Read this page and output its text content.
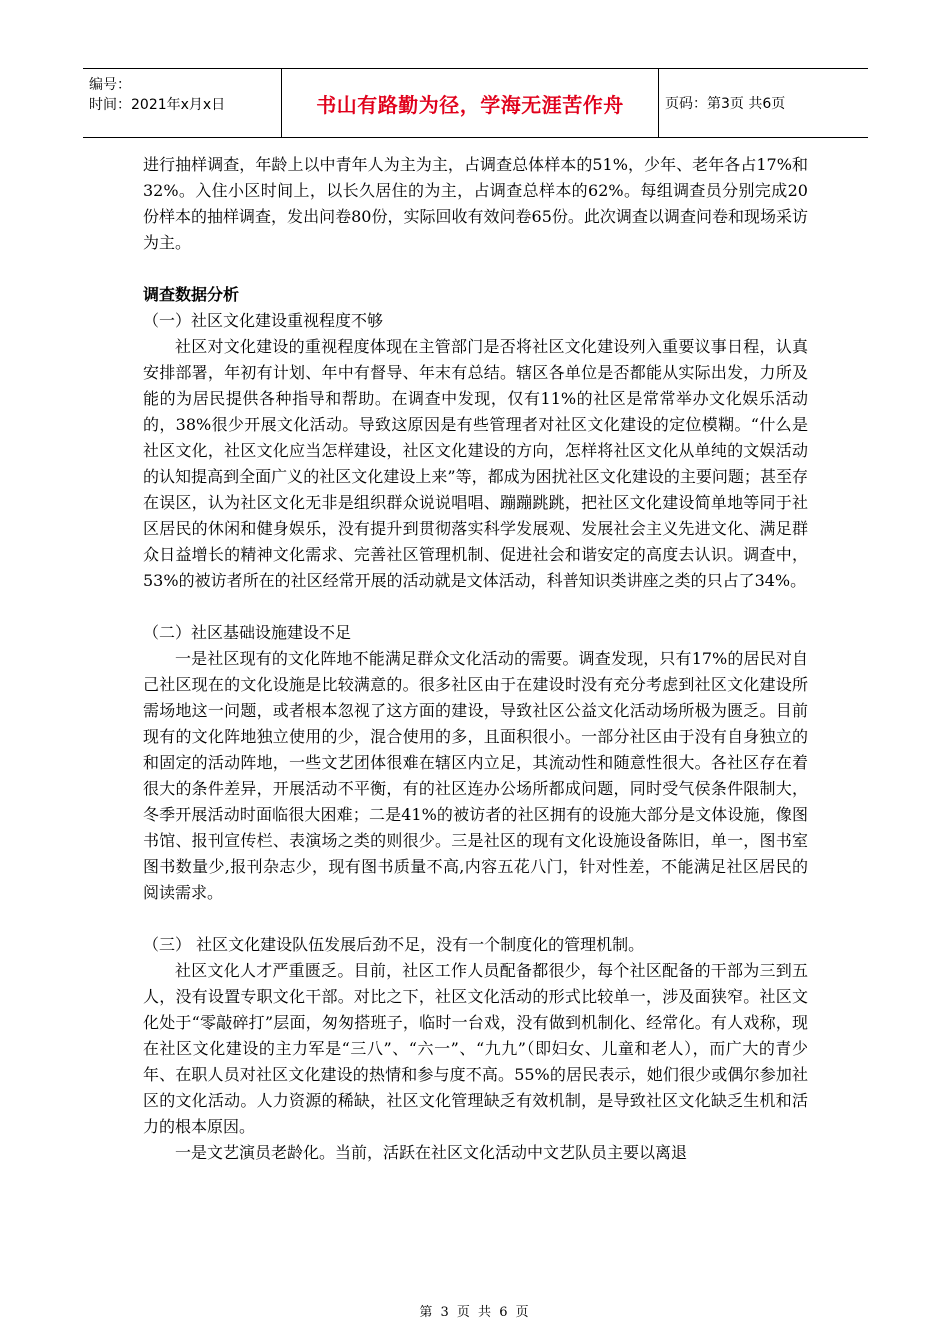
编号：
时间：2021年x月x日	书山有路勤为径，学海无涯苦作舟	页码：第3页 共6页

进行抽样调查，年龄上以中青年人为主为主，占调查总体样本的51%，少年、老年各占17%和32%。入住小区时间上，以长久居住的为主，占调查总样本的62%。每组调查员分别完成20份样本的抽样调查，发出问卷80份，实际回收有效问卷65份。此次调查以调查问卷和现场采访为主。

调查数据分析

（一）社区文化建设重视程度不够

社区对文化建设的重视程度体现在主管部门是否将社区文化建设列入重要议事日程，认真安排部署，年初有计划、年中有督导、年末有总结。辖区各单位是否都能从实际出发，力所及能的为居民提供各种指导和帮助。在调查中发现，仅有11%的社区是常常举办文化娱乐活动的，38%很少开展文化活动。导致这原因是有些管理者对社区文化建设的定位模糊。“什么是社区文化，社区文化应当怎样建设，社区文化建设的方向，怎样将社区文化从单纯的文娱活动的认知提高到全面广义的社区文化建设上来”等，都成为困扰社区文化建设的主要问题；甚至存在误区，认为社区文化无非是组织群众说说唱唱、蹦蹦跳跳，把社区文化建设简单地等同于社区居民的休闲和健身娱乐，没有提升到贯彻落实科学发展观、发展社会主义先进文化、满足群众日益增长的精神文化需求、完善社区管理机制、促进社会和谐安定的高度去认识。调查中，53%的被访者所在的社区经常开展的活动就是文体活动，科普知识类讲座之类的只占了34%。

（二）社区基础设施建设不足

一是社区现有的文化阵地不能满足群众文化活动的需要。调查发现，只有17%的居民对自己社区现在的文化设施是比较满意的。很多社区由于在建设时没有充分考虑到社区文化建设所需场地这一问题，或者根本忽视了这方面的建设，导致社区公益文化活动场所极为匮乏。目前现有的文化阵地独立使用的少，混合使用的多，且面积很小。一部分社区由于没有自身独立的和固定的活动阵地，一些文艺团体很难在辖区内立足，其流动性和随意性很大。各社区存在着很大的条件差异，开展活动不平衡，有的社区连办公场所都成问题，同时受气侯条件限制大，冬季开展活动时面临很大困难；二是41%的被访者的社区拥有的设施大部分是文体设施，像图书馆、报刊宣传栏、表演场之类的则很少。三是社区的现有文化设施设备陈旧，单一，图书室图书数量少,报刊杂志少，现有图书质量不高,内容五花八门，针对性差，不能满足社区居民的阅读需求。

（三） 社区文化建设队伍发展后劲不足，没有一个制度化的管理机制。

社区文化人才严重匮乏。目前，社区工作人员配备都很少，每个社区配备的干部为三到五人，没有设置专职文化干部。对比之下，社区文化活动的形式比较单一，涉及面狭窄。社区文化处于“零敲碎打”层面，匆匆搭班子，临时一台戏，没有做到机制化、经常化。有人戏称，现在社区文化建设的主力军是“三八”、“六一”、“九九”（即妇女、儿童和老人），而广大的青少年、在职人员对社区文化建设的热情和参与度不高。55%的居民表示，她们很少或偶尔参加社区的文化活动。人力资源的稀缺，社区文化管理缺乏有效机制，是导致社区文化缺乏生机和活力的根本原因。

一是文艺演员老龄化。当前，活跃在社区文化活动中文艺队员主要以离退

第 3 页 共 6 页
